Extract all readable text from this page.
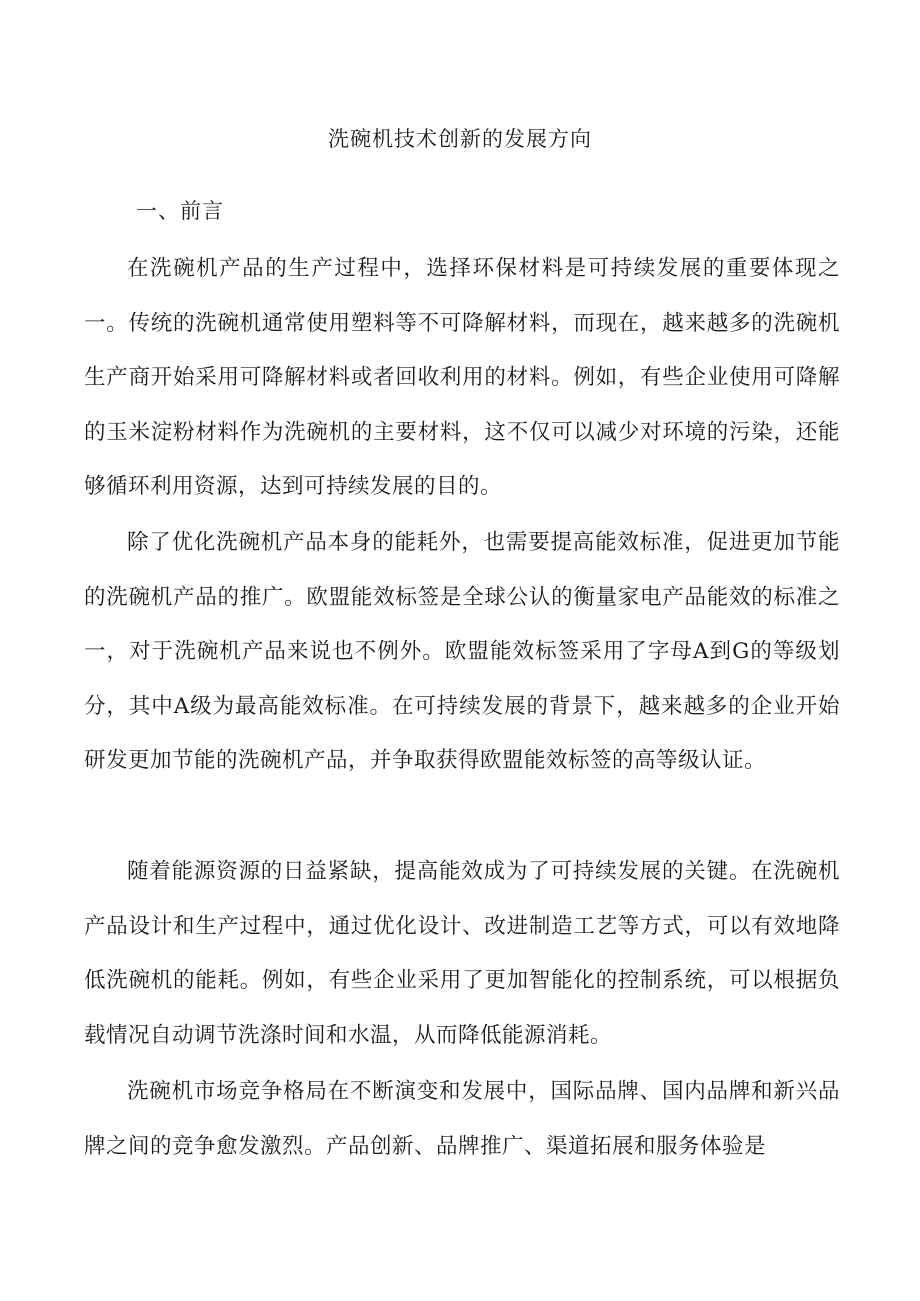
洗碗机技术创新的发展方向
一、前言

在洗碗机产品的生产过程中，选择环保材料是可持续发展的重要体现之一。传统的洗碗机通常使用塑料等不可降解材料，而现在，越来越多的洗碗机生产商开始采用可降解材料或者回收利用的材料。例如，有些企业使用可降解的玉米淀粉材料作为洗碗机的主要材料，这不仅可以减少对环境的污染，还能够循环利用资源，达到可持续发展的目的。

除了优化洗碗机产品本身的能耗外，也需要提高能效标准，促进更加节能的洗碗机产品的推广。欧盟能效标签是全球公认的衡量家电产品能效的标准之一，对于洗碗机产品来说也不例外。欧盟能效标签采用了字母A到G的等级划分，其中A级为最高能效标准。在可持续发展的背景下，越来越多的企业开始研发更加节能的洗碗机产品，并争取获得欧盟能效标签的高等级认证。

随着能源资源的日益紧缺，提高能效成为了可持续发展的关键。在洗碗机产品设计和生产过程中，通过优化设计、改进制造工艺等方式，可以有效地降低洗碗机的能耗。例如，有些企业采用了更加智能化的控制系统，可以根据负载情况自动调节洗涤时间和水温，从而降低能源消耗。

洗碗机市场竞争格局在不断演变和发展中，国际品牌、国内品牌和新兴品牌之间的竞争愈发激烈。产品创新、品牌推广、渠道拓展和服务体验是
